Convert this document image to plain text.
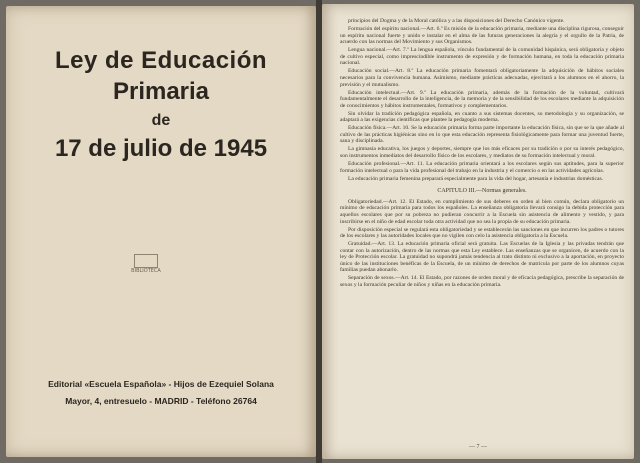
Ley de Educación
Primaria
de
17 de julio de 1945
BIBLIOTECA
Editorial «Escuela Española» - Hijos de Ezequiel Solana
Mayor, 4, entresuelo - MADRID - Teléfono 26764

principios del Dogma y de la Moral católica y a las disposiciones del Derecho Canónico vigente.

Formación del espíritu nacional.—Art. 6.º Es misión de la educación primaria, mediante una disciplina rigurosa, conseguir un espíritu nacional fuerte y unido e instalar en el alma de las futuras generaciones la alegría y el orgullo de la Patria, de acuerdo con las normas del Movimiento y sus Organismos.

Lengua nacional.—Art. 7.º La lengua española, vínculo fundamental de la comunidad hispánica, será obligatoria y objeto de cultivo especial, como imprescindible instrumento de expresión y de formación humana, en toda la educación primaria nacional.

Educación social.—Art. 8.º La educación primaria fomentará obligatoriamente la adquisición de hábitos sociales necesarios para la convivencia humana. Asimismo, mediante prácticas adecuadas, ejercitará a los alumnos en el ahorro, la previsión y el mutualismo.

Educación intelectual.—Art. 9.º La educación primaria, además de la formación de la voluntad, cultivará fundamentalmente el desarrollo de la inteligencia, de la memoria y de la sensibilidad de los escolares mediante la adquisición de conocimientos y hábitos instrumentales, formativos y complementarios.

Sin olvidar la tradición pedagógica española, en cuanto a sus sistemas docentes, su metodología y su organización, se adaptará a las exigencias científicas que plantee la pedagogía moderna.

Educación física.—Art. 10. Se la educación primaria forma parte importante la educación física, sin que se la que añade al cultivo de las prácticas higiénicas sino en lo que esta educación representa fisiológicamente para formar una juventud fuerte, sana y disciplinada.

La gimnasia educativa, los juegos y deportes, siempre que los más eficaces por su tradición o por su interés pedagógico, son instrumentos inmediatos del desarrollo físico de los escolares, y mediatos de su formación intelectual y moral.

Educación profesional.—Art. 11. La educación primaria orientará a los escolares según sus aptitudes, para la superior formación intelectual o para la vida profesional del trabajo en la industria y el comercio o en las actividades agrícolas.

La educación primaria femenina preparará especialmente para la vida del hogar, artesanía e industrias domésticas.

CAPITULO III.—Normas generales.

Obligatoriedad.—Art. 12. El Estado, en cumplimiento de sus deberes en orden al bien común, declara obligatorio un mínimo de educación primaria para todos los españoles. La enseñanza obligatoria llevará consigo la debida protección para aquellos escolares que por su pobreza no pudieran concurrir a la Escuela sin asistencia de alimento y vestido, y para inscribirse en el niño de edad escolar toda otra actividad que no sea la propia de su educación primaria.

Por disposición especial se regulará esta obligatoriedad y se establecerán las sanciones en que incurren los padres o tutores de los escolares y las autoridades locales que no vigilen con celo la asistencia obligatoria a la Escuela.

Gratuidad.—Art. 13. La educación primaria oficial será gratuita. Las Escuelas de la Iglesia y las privadas tendrán que contar con la autorización, dentro de las normas que esta Ley establece. Las enseñanzas que se organicen, de acuerdo con la ley de Protección escolar. La gratuidad no supondrá jamás tendencia al trato distinto ni exclusivo a la aportación, en proyecto único de las instituciones benéficas de la Escuela, de un mínimo de derechos de matrícula por parte de los alumnos cuyas familias puedan abonarlo.

Separación de sexos.—Art. 14. El Estado, por razones de orden moral y de eficacia pedagógica, prescribe la separación de sexos y la formación peculiar de niños y niñas en la educación primaria.

— 7 —
